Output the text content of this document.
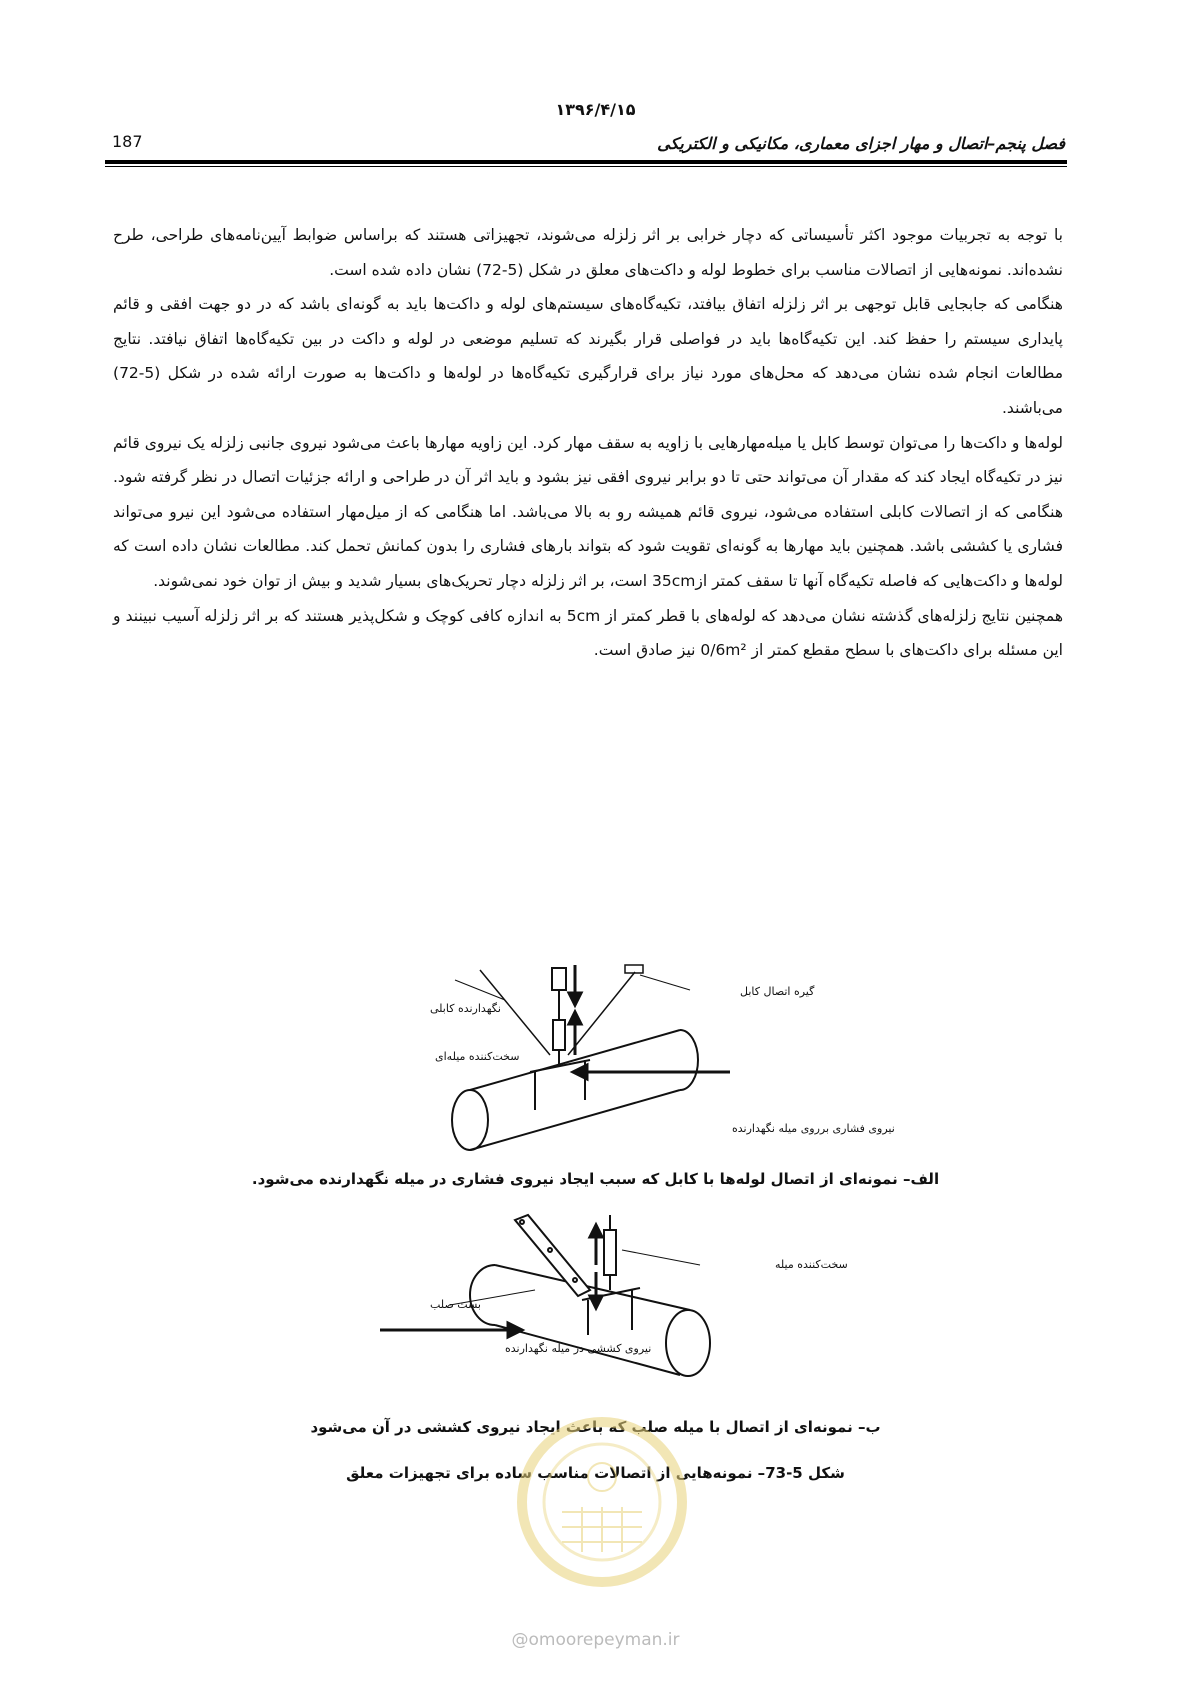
۱۳۹۶/۴/۱۵
187	فصل پنجم–اتصال و مهار اجزای معماری، مکانیکی و الکتریکی

با توجه به تجربیات موجود اکثر تأسیساتی که دچار خرابی بر اثر زلزله می‌شوند، تجهیزاتی هستند که براساس ضوابط آیین‌نامه‌های طراحی، طرح نشده‌اند. نمونه‌هایی از اتصالات مناسب برای خطوط لوله و داکت‌های معلق در شکل (5-72) نشان داده شده است.

هنگامی که جابجایی قابل توجهی بر اثر زلزله اتفاق بیافتد، تکیه‌گاه‌های سیستم‌های لوله و داکت‌ها باید به گونه‌ای باشد که در دو جهت افقی و قائم پایداری سیستم را حفظ کند. این تکیه‌گاه‌ها باید در فواصلی قرار بگیرند که تسلیم موضعی در لوله و داکت در بین تکیه‌گاه‌ها اتفاق نیافتد. نتایج مطالعات انجام شده نشان می‌دهد که محل‌های مورد نیاز برای قرارگیری تکیه‌گاه‌ها در لوله‌ها و داکت‌ها به صورت ارائه شده در شکل (5-72) می‌باشند.

لوله‌ها و داکت‌ها را می‌توان توسط کابل یا میله‌مهارهایی با زاویه به سقف مهار کرد. این زاویه مهارها باعث می‌شود نیروی جانبی زلزله یک نیروی قائم نیز در تکیه‌گاه ایجاد کند که مقدار آن می‌تواند حتی تا دو برابر نیروی افقی نیز بشود و باید اثر آن در طراحی و ارائه جزئیات اتصال در نظر گرفته شود. هنگامی که از اتصالات کابلی استفاده می‌شود، نیروی قائم همیشه رو به بالا می‌باشد. اما هنگامی که از میل‌مهار استفاده می‌شود این نیرو می‌تواند فشاری یا کششی باشد. همچنین باید مهارها به گونه‌ای تقویت شود که بتواند بارهای فشاری را بدون کمانش تحمل کند. مطالعات نشان داده است که لوله‌ها و داکت‌هایی که فاصله تکیه‌گاه آنها تا سقف کمتر از35cm است، بر اثر زلزله دچار تحریک‌های بسیار شدید و بیش از توان خود نمی‌شوند.

همچنین نتایج زلزله‌های گذشته نشان می‌دهد که لوله‌های با قطر کمتر از 5cm به اندازه کافی کوچک و شکل‌پذیر هستند که بر اثر زلزله آسیب نبینند و این مسئله برای داکت‌های با سطح مقطع کمتر از 0/6m² نیز صادق است.

گیره اتصال کابل
نگهدارنده کابلی
سخت‌کننده میله‌ای
نیروی فشاری برروی میله نگهدارنده
الف– نمونه‌ای از اتصال لوله‌ها با کابل که سبب ایجاد نیروی فشاری در میله نگهدارنده می‌شود.
سخت‌کننده میله
بست صلب
نیروی کششی در میله نگهدارنده
ب– نمونه‌ای از اتصال با میله صلب که باعث ایجاد نیروی کششی در آن می‌شود
شکل 5-73– نمونه‌هایی از اتصالات مناسب ساده برای تجهیزات معلق
@omoorepeyman.ir
